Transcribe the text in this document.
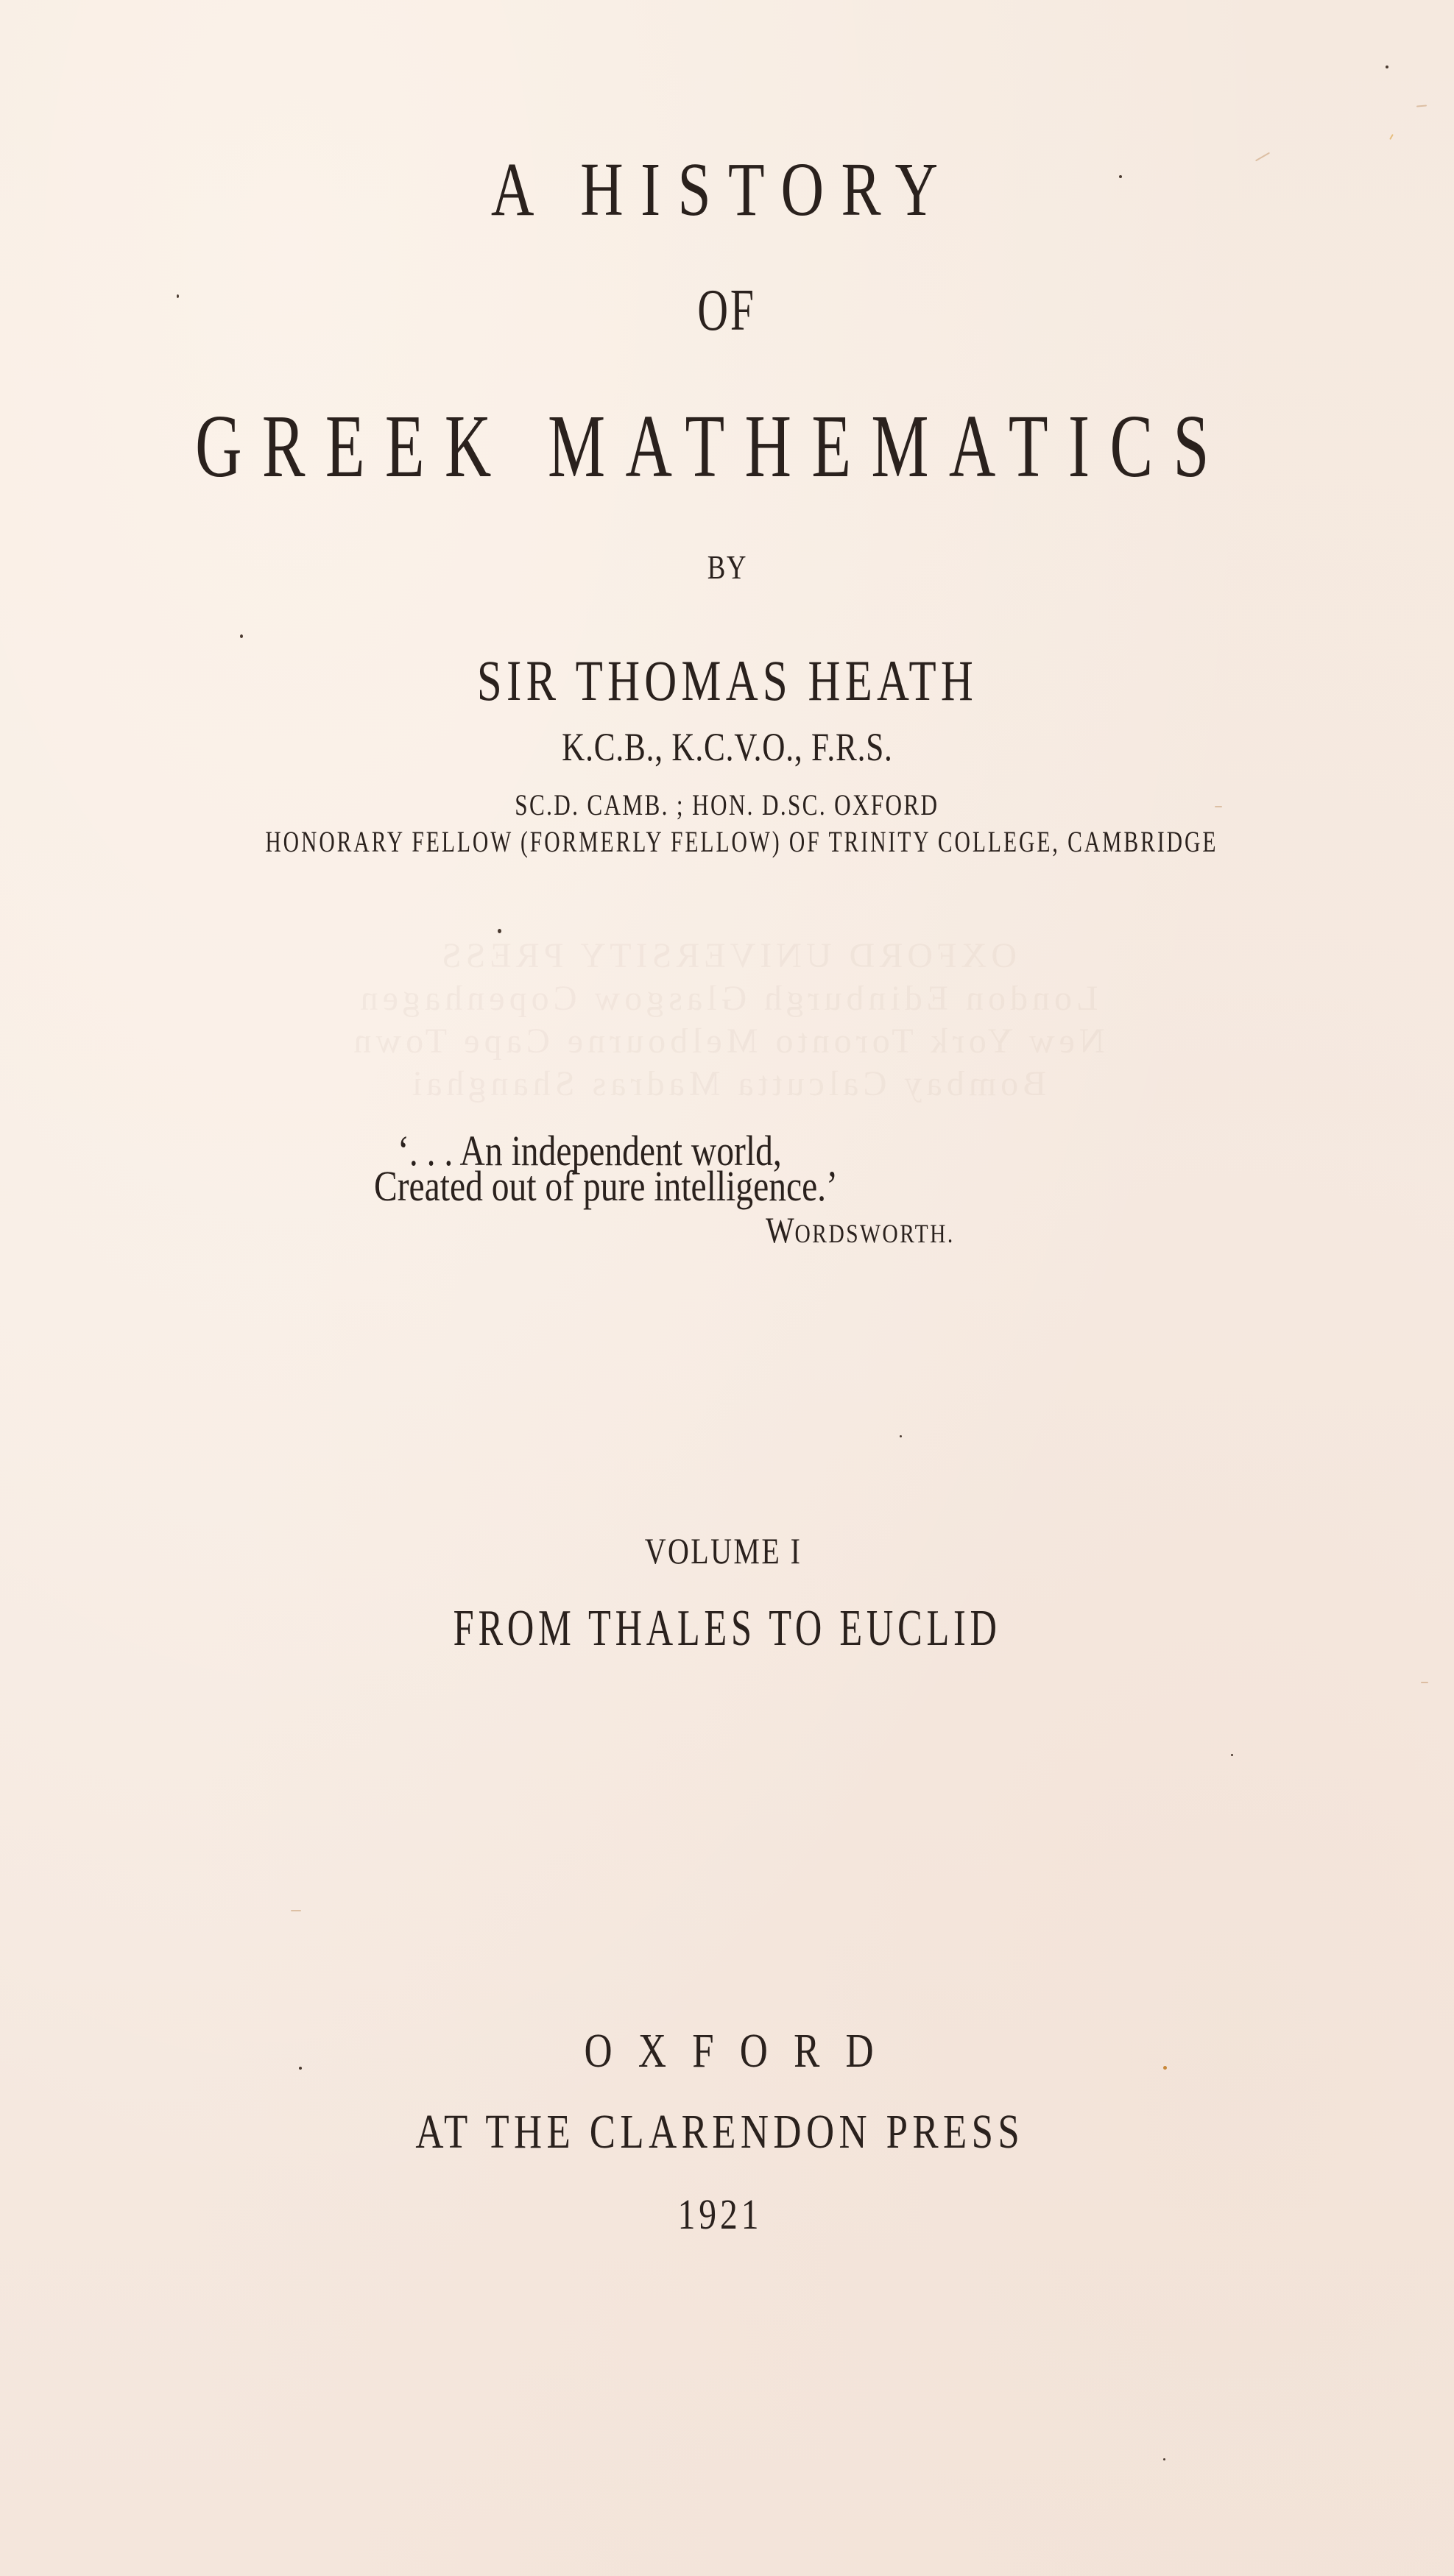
OXFORD UNIVERSITY PRESS
London Edinburgh Glasgow Copenhagen
New York Toronto Melbourne Cape Town
Bombay Calcutta Madras Shanghai
A HISTORY
OF
GREEK MATHEMATICS
BY
SIR THOMAS HEATH
K.C.B., K.C.V.O., F.R.S.
SC.D. CAMB. ; HON. D.SC. OXFORD
HONORARY FELLOW (FORMERLY FELLOW) OF TRINITY COLLEGE, CAMBRIDGE
‘. . . An independent world,
Created out of pure intelligence.’
WORDSWORTH.
VOLUME I
FROM THALES TO EUCLID
OXFORD
AT THE CLARENDON PRESS
1921
